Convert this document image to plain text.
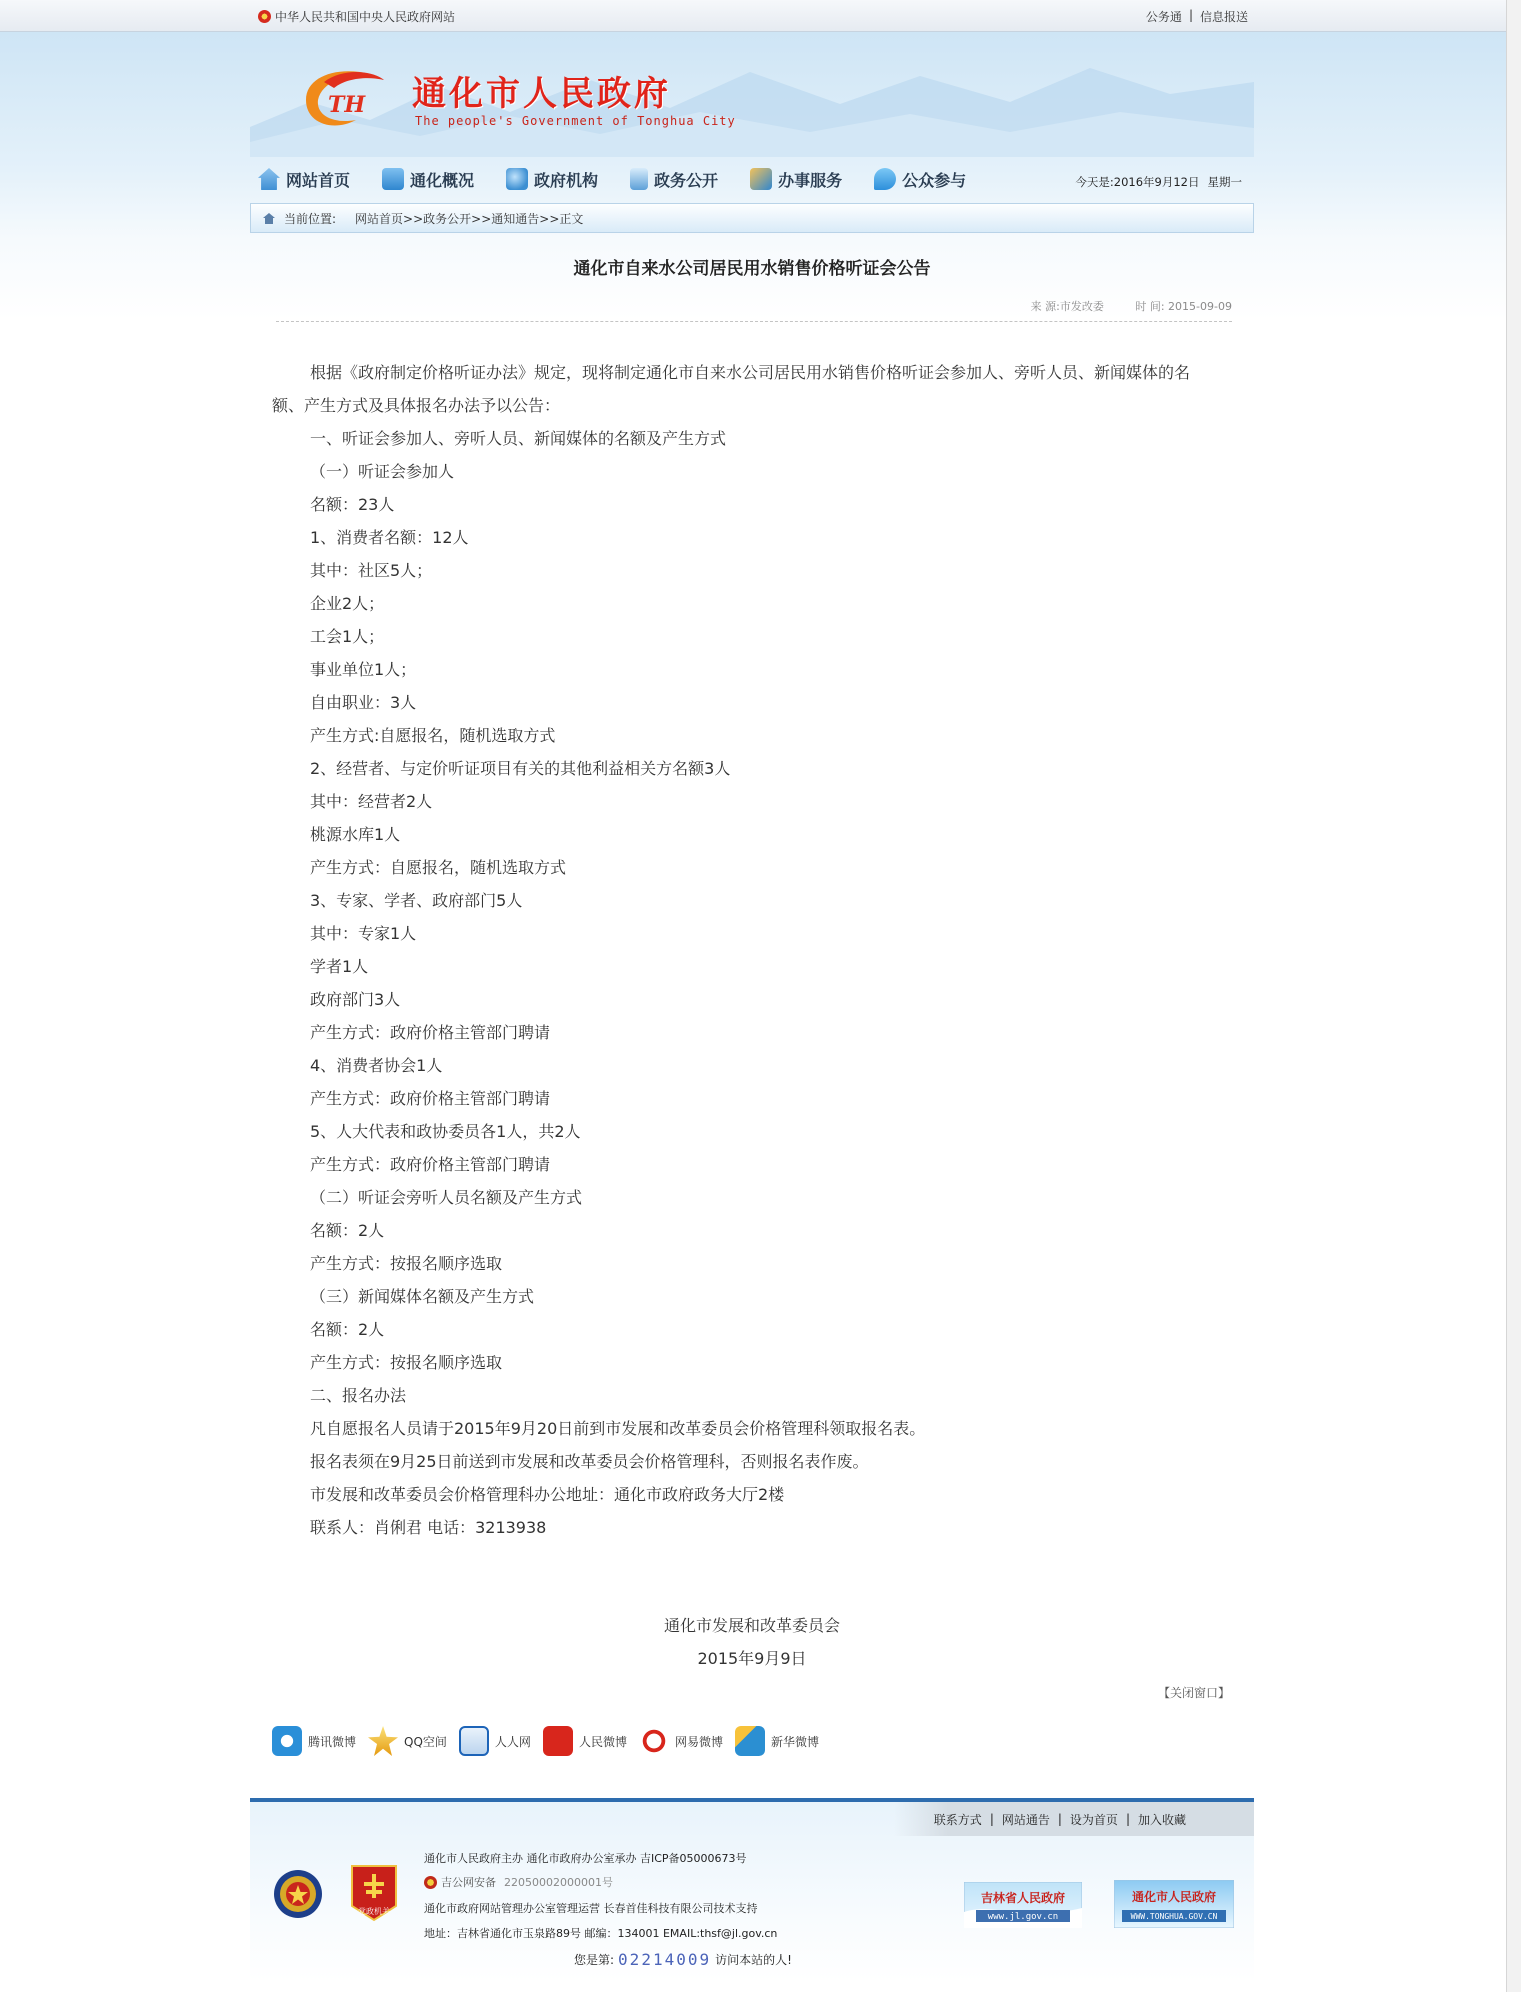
中华人民共和国中央人民政府网站	公务通 | 信息报送
TH 通化市人民政府
The people's Government of Tonghua City
网站首页	通化概况	政府机构	政务公开	办事服务	公众参与	今天是:2016年9月12日 星期一
当前位置: 网站首页>>政务公开>>通知通告>>正文
通化市自来水公司居民用水销售价格听证会公告
来 源:市发改委	时 间: 2015-09-09

根据《政府制定价格听证办法》规定，现将制定通化市自来水公司居民用水销售价格听证会参加人、旁听人员、新闻媒体的名额、产生方式及具体报名办法予以公告：

一、听证会参加人、旁听人员、新闻媒体的名额及产生方式
（一）听证会参加人
名额：23人
1、消费者名额：12人
其中：社区5人；
企业2人；
工会1人；
事业单位1人；
自由职业：3人
产生方式:自愿报名，随机选取方式
2、经营者、与定价听证项目有关的其他利益相关方名额3人
其中：经营者2人
桃源水库1人
产生方式：自愿报名，随机选取方式
3、专家、学者、政府部门5人
其中：专家1人
学者1人
政府部门3人
产生方式：政府价格主管部门聘请
4、消费者协会1人
产生方式：政府价格主管部门聘请
5、人大代表和政协委员各1人，共2人
产生方式：政府价格主管部门聘请
（二）听证会旁听人员名额及产生方式
名额：2人
产生方式：按报名顺序选取
（三）新闻媒体名额及产生方式
名额：2人
产生方式：按报名顺序选取
二、报名办法
凡自愿报名人员请于2015年9月20日前到市发展和改革委员会价格管理科领取报名表。
报名表须在9月25日前送到市发展和改革委员会价格管理科，否则报名表作废。
市发展和改革委员会价格管理科办公地址：通化市政府政务大厅2楼
联系人：肖俐君 电话：3213938
通化市发展和改革委员会
2015年9月9日
【关闭窗口】
腾讯微博	QQ空间	人人网	人民微博	网易微博	新华微博
联系方式 | 网站通告 | 设为首页 | 加入收藏
党政机关
通化市人民政府主办 通化市政府办公室承办 吉ICP备05000673号
吉公网安备 22050002000001号
通化市政府网站管理办公室管理运营 长春首佳科技有限公司技术支持
地址：吉林省通化市玉泉路89号 邮编：134001 EMAIL:thsf@jl.gov.cn
吉林省人民政府
www.jl.gov.cn
通化市人民政府
WWW.TONGHUA.GOV.CN
您是第: 02214009 访问本站的人!
